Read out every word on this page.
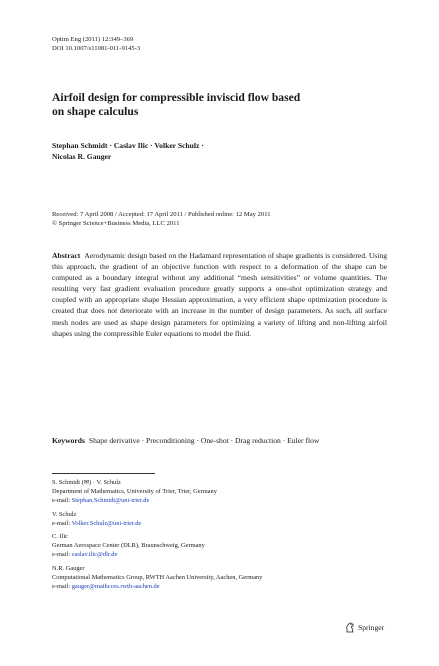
Optim Eng (2011) 12:349–369
DOI 10.1007/s11081-011-9145-3
Airfoil design for compressible inviscid flow based
on shape calculus
Stephan Schmidt · Caslav Ilic · Volker Schulz ·
Nicolas R. Gauger
Received: 7 April 2008 / Accepted: 17 April 2011 / Published online: 12 May 2011
© Springer Science+Business Media, LLC 2011
Abstract Aerodynamic design based on the Hadamard representation of shape gradients is considered. Using this approach, the gradient of an objective function with respect to a deformation of the shape can be computed as a boundary integral without any additional “mesh sensitivities” or volume quantities. The resulting very fast gradient evaluation procedure greatly supports a one-shot optimization strategy and coupled with an appropriate shape Hessian approximation, a very efficient shape optimization procedure is created that does not deteriorate with an increase in the number of design parameters. As such, all surface mesh nodes are used as shape design parameters for optimizing a variety of lifting and non-lifting airfoil shapes using the compressible Euler equations to model the fluid.
Keywords Shape derivative · Preconditioning · One-shot · Drag reduction · Euler flow
S. Schmidt (✉) · V. Schulz
Department of Mathematics, University of Trier, Trier, Germany
e-mail: Stephan.Schmidt@uni-trier.de
V. Schulz
e-mail: Volker.Schulz@uni-trier.de
C. Ilic
German Aerospace Center (DLR), Braunschweig, Germany
e-mail: caslav.ilic@dlr.de
N.R. Gauger
Computational Mathematics Group, RWTH Aachen University, Aachen, Germany
e-mail: gauger@mathcces.rwth-aachen.de
Springer
